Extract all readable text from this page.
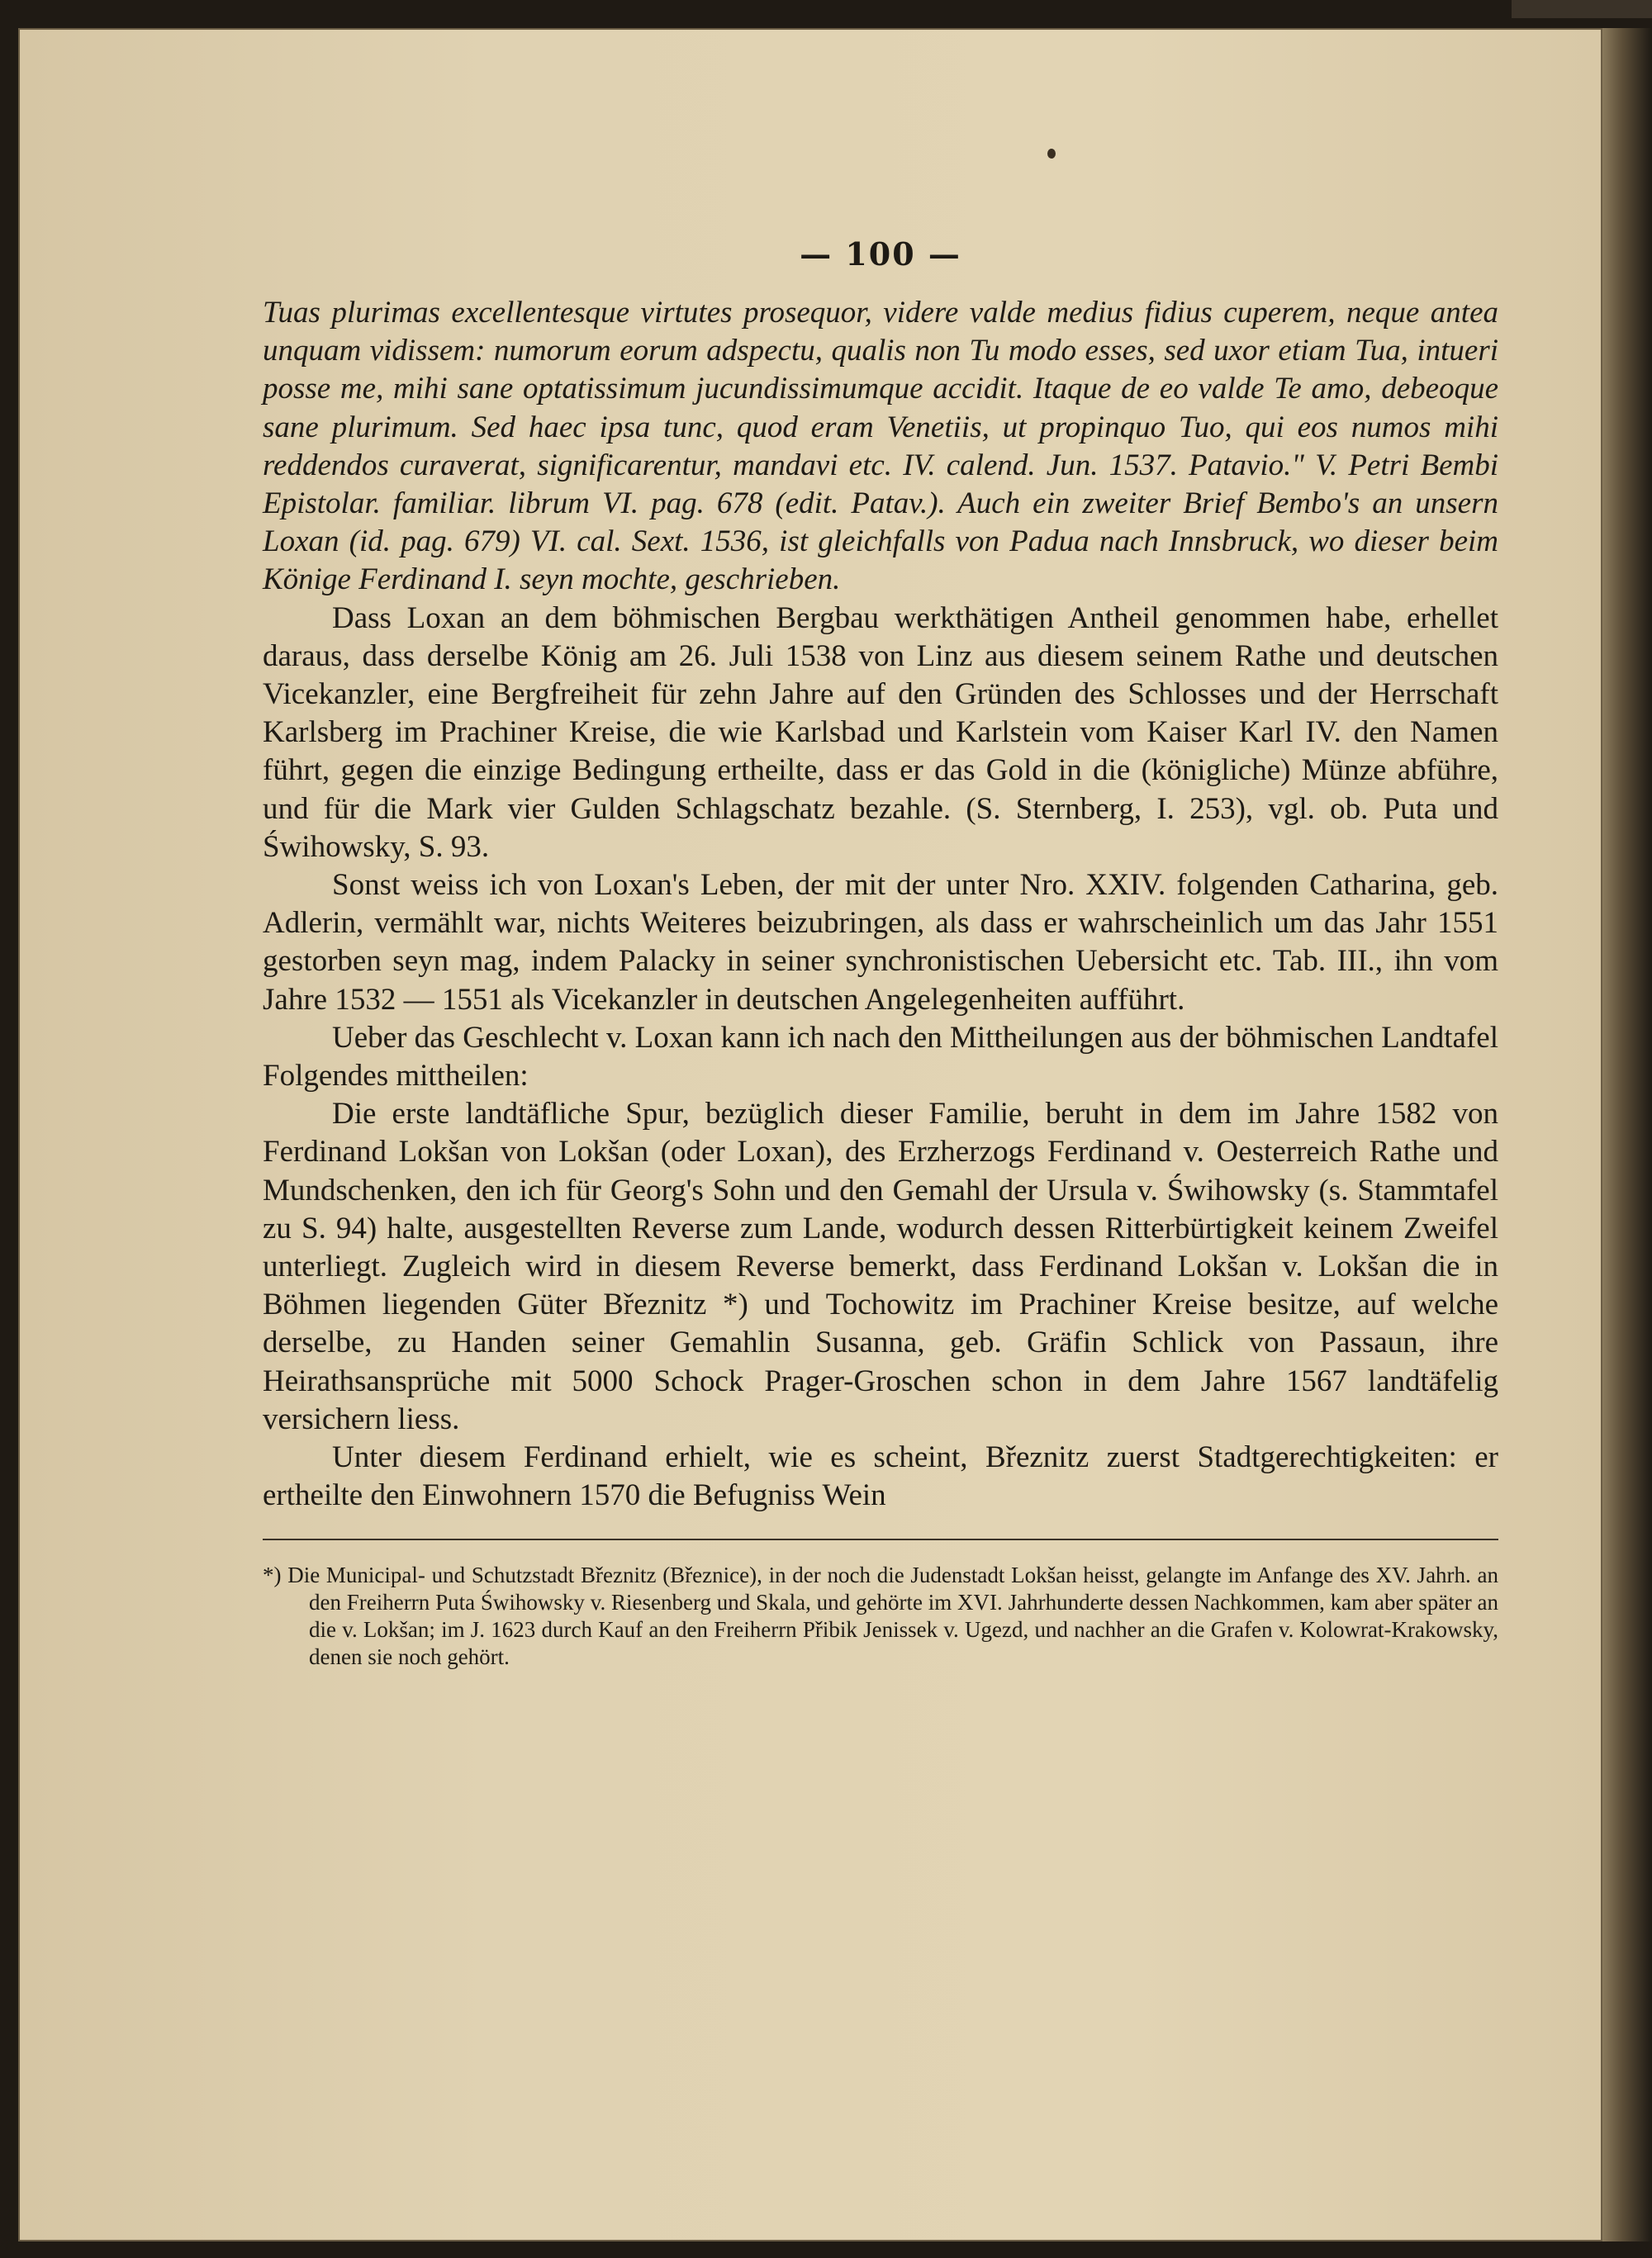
— 100 —

Tuas plurimas excellentesque virtutes prosequor, videre valde medius fidius cuperem, neque antea unquam vidissem: numorum eorum adspectu, qualis non Tu modo esses, sed uxor etiam Tua, intueri posse me, mihi sane optatissimum jucundissimumque accidit. Itaque de eo valde Te amo, debeoque sane plurimum. Sed haec ipsa tunc, quod eram Venetiis, ut propinquo Tuo, qui eos numos mihi reddendos curaverat, significarentur, mandavi etc. IV. calend. Jun. 1537. Patavio." V. Petri Bembi Epistolar. familiar. librum VI. pag. 678 (edit. Patav.). Auch ein zweiter Brief Bembo's an unsern Loxan (id. pag. 679) VI. cal. Sext. 1536, ist gleichfalls von Padua nach Innsbruck, wo dieser beim Könige Ferdinand I. seyn mochte, geschrieben.

Dass Loxan an dem böhmischen Bergbau werkthätigen Antheil genommen habe, erhellet daraus, dass derselbe König am 26. Juli 1538 von Linz aus diesem seinem Rathe und deutschen Vicekanzler, eine Bergfreiheit für zehn Jahre auf den Gründen des Schlosses und der Herrschaft Karlsberg im Prachiner Kreise, die wie Karlsbad und Karlstein vom Kaiser Karl IV. den Namen führt, gegen die einzige Bedingung ertheilte, dass er das Gold in die (königliche) Münze abführe, und für die Mark vier Gulden Schlagschatz bezahle. (S. Sternberg, I. 253), vgl. ob. Puta und Świhowsky, S. 93.

Sonst weiss ich von Loxan's Leben, der mit der unter Nro. XXIV. folgenden Catharina, geb. Adlerin, vermählt war, nichts Weiteres beizubringen, als dass er wahrscheinlich um das Jahr 1551 gestorben seyn mag, indem Palacky in seiner synchronistischen Uebersicht etc. Tab. III., ihn vom Jahre 1532 — 1551 als Vicekanzler in deutschen Angelegenheiten aufführt.

Ueber das Geschlecht v. Loxan kann ich nach den Mittheilungen aus der böhmischen Landtafel Folgendes mittheilen:

Die erste landtäfliche Spur, bezüglich dieser Familie, beruht in dem im Jahre 1582 von Ferdinand Lokšan von Lokšan (oder Loxan), des Erzherzogs Ferdinand v. Oesterreich Rathe und Mundschenken, den ich für Georg's Sohn und den Gemahl der Ursula v. Świhowsky (s. Stammtafel zu S. 94) halte, ausgestellten Reverse zum Lande, wodurch dessen Ritterbürtigkeit keinem Zweifel unterliegt. Zugleich wird in diesem Reverse bemerkt, dass Ferdinand Lokšan v. Lokšan die in Böhmen liegenden Güter Březnitz *) und Tochowitz im Prachiner Kreise besitze, auf welche derselbe, zu Handen seiner Gemahlin Susanna, geb. Gräfin Schlick von Passaun, ihre Heirathsansprüche mit 5000 Schock Prager-Groschen schon in dem Jahre 1567 landtäfelig versichern liess.

Unter diesem Ferdinand erhielt, wie es scheint, Březnitz zuerst Stadtgerechtigkeiten: er ertheilte den Einwohnern 1570 die Befugniss Wein

*) Die Municipal- und Schutzstadt Březnitz (Březnice), in der noch die Judenstadt Lokšan heisst, gelangte im Anfange des XV. Jahrh. an den Freiherrn Puta Świhowsky v. Riesenberg und Skala, und gehörte im XVI. Jahrhunderte dessen Nachkommen, kam aber später an die v. Lokšan; im J. 1623 durch Kauf an den Freiherrn Přibik Jenissek v. Ugezd, und nachher an die Grafen v. Kolowrat-Krakowsky, denen sie noch gehört.
